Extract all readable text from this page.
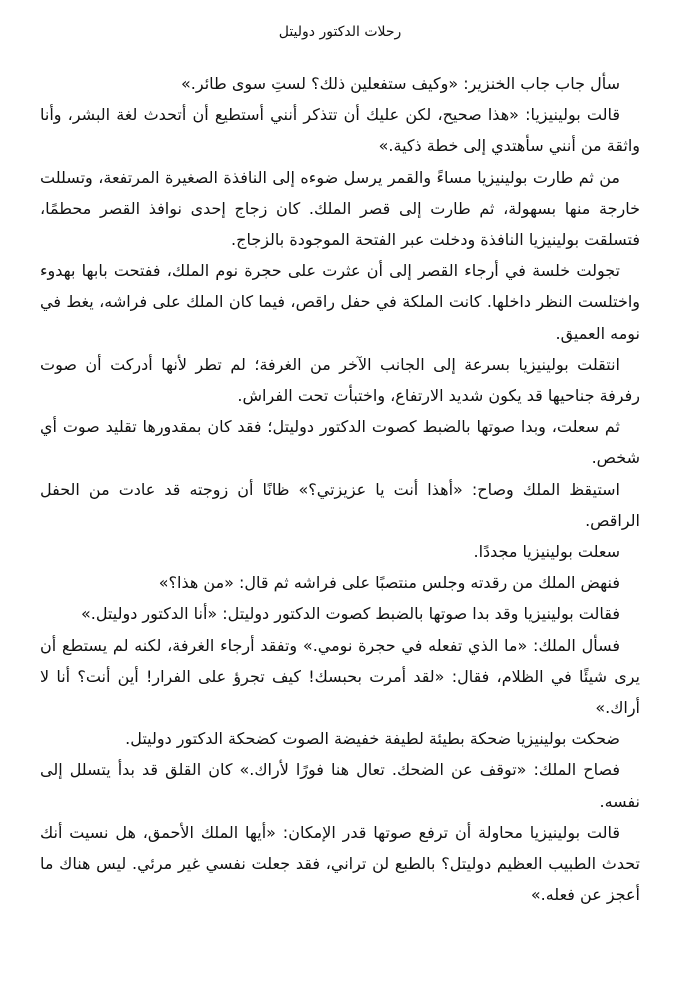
رحلات الدكتور دوليتل

سأل جاب جاب الخنزير: «وكيف ستفعلين ذلك؟ لستِ سوى طائر.»

قالت بولينيزيا: «هذا صحيح، لكن عليك أن تتذكر أنني أستطيع أن أتحدث لغة البشر، وأنا واثقة من أنني سأهتدي إلى خطة ذكية.»

من ثم طارت بولينيزيا مساءً والقمر يرسل ضوءه إلى النافذة الصغيرة المرتفعة، وتسللت خارجة منها بسهولة، ثم طارت إلى قصر الملك. كان زجاج إحدى نوافذ القصر محطمًا، فتسلقت بولينيزيا النافذة ودخلت عبر الفتحة الموجودة بالزجاج.

تجولت خلسة في أرجاء القصر إلى أن عثرت على حجرة نوم الملك، ففتحت بابها بهدوء واختلست النظر داخلها. كانت الملكة في حفل راقص، فيما كان الملك على فراشه، يغط في نومه العميق.

انتقلت بولينيزيا بسرعة إلى الجانب الآخر من الغرفة؛ لم تطر لأنها أدركت أن صوت رفرفة جناحيها قد يكون شديد الارتفاع، واختبأت تحت الفراش.

ثم سعلت، وبدا صوتها بالضبط كصوت الدكتور دوليتل؛ فقد كان بمقدورها تقليد صوت أي شخص.

استيقظ الملك وصاح: «أهذا أنت يا عزيزتي؟» ظانًا أن زوجته قد عادت من الحفل الراقص.

سعلت بولينيزيا مجددًا.

فنهض الملك من رقدته وجلس منتصبًا على فراشه ثم قال: «من هذا؟»

فقالت بولينيزيا وقد بدا صوتها بالضبط كصوت الدكتور دوليتل: «أنا الدكتور دوليتل.»

فسأل الملك: «ما الذي تفعله في حجرة نومي.» وتفقد أرجاء الغرفة، لكنه لم يستطع أن يرى شيئًا في الظلام، فقال: «لقد أمرت بحبسك! كيف تجرؤ على الفرار! أين أنت؟ أنا لا أراك.»

ضحكت بولينيزيا ضحكة بطيئة لطيفة خفيضة الصوت كضحكة الدكتور دوليتل.

فصاح الملك: «توقف عن الضحك. تعال هنا فورًا لأراك.» كان القلق قد بدأ يتسلل إلى نفسه.

قالت بولينيزيا محاولة أن ترفع صوتها قدر الإمكان: «أيها الملك الأحمق، هل نسيت أنك تحدث الطبيب العظيم دوليتل؟ بالطبع لن تراني، فقد جعلت نفسي غير مرئي. ليس هناك ما أعجز عن فعله.»
